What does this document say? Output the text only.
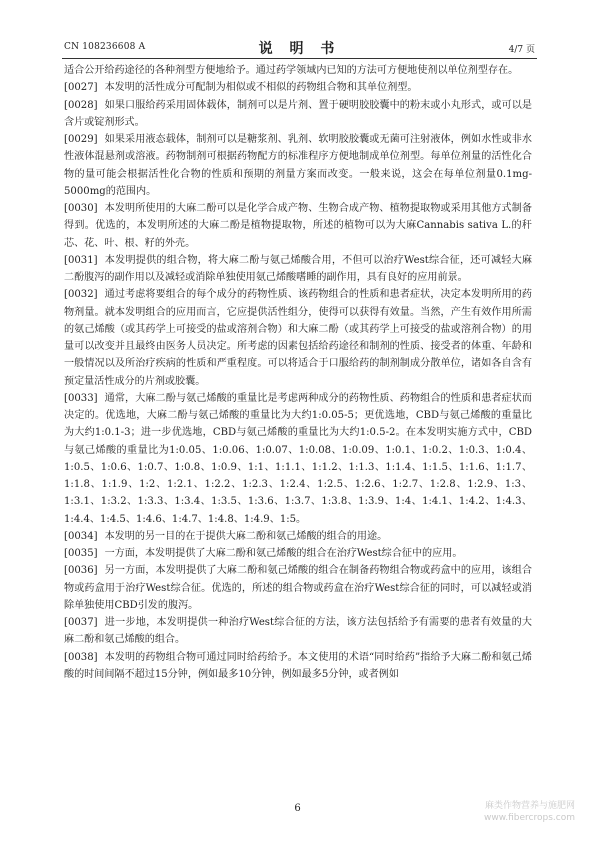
CN 108236608 A	说 明 书	4/7 页

适合公开给药途径的各种剂型方便地给予。通过药学领域内已知的方法可方便地使剂以单位剂型存在。

[0027] 本发明的活性成分可配制为相似或不相似的药物组合物和其单位剂型。

[0028] 如果口服给药采用固体载体，制剂可以是片剂、置于硬明胶胶囊中的粉末或小丸形式，或可以是含片或锭剂形式。

[0029] 如果采用液态载体，制剂可以是糖浆剂、乳剂、软明胶胶囊或无菌可注射液体，例如水性或非水性液体混悬剂或溶液。药物制剂可根据药物配方的标准程序方便地制成单位剂型。每单位剂量的活性化合物的量可能会根据活性化合物的性质和预期的剂量方案而改变。一般来说，这会在每单位剂量0.1mg-5000mg的范围内。

[0030] 本发明所使用的大麻二酚可以是化学合成产物、生物合成产物、植物提取物或采用其他方式制备得到。优选的，本发明所述的大麻二酚是植物提取物，所述的植物可以为大麻Cannabis sativa L.的秆芯、花、叶、根、籽的外壳。

[0031] 本发明提供的组合物，将大麻二酚与氨己烯酸合用，不但可以治疗West综合征，还可减轻大麻二酚腹泻的副作用以及减轻或消除单独使用氨己烯酸嗜睡的副作用，具有良好的应用前景。

[0032] 通过考虑将要组合的每个成分的药物性质、该药物组合的性质和患者症状，决定本发明所用的药物剂量。就本发明组合的应用而言，它应提供活性组分，使得可以获得有效量。当然，产生有效作用所需的氨己烯酸（或其药学上可接受的盐或溶剂合物）和大麻二酚（或其药学上可接受的盐或溶剂合物）的用量可以改变并且最终由医务人员决定。所考虑的因素包括给药途径和制剂的性质、接受者的体重、年龄和一般情况以及所治疗疾病的性质和严重程度。可以将适合于口服给药的制剂制成分散单位，诸如各自含有预定量活性成分的片剂或胶囊。

[0033] 通常，大麻二酚与氨己烯酸的重量比是考虑两种成分的药物性质、药物组合的性质和患者症状而决定的。优选地，大麻二酚与氨己烯酸的重量比为大约1:0.05-5；更优选地，CBD与氨己烯酸的重量比为大约1:0.1-3；进一步优选地，CBD与氨己烯酸的重量比为大约1:0.5-2。在本发明实施方式中，CBD与氨己烯酸的重量比为1:0.05、1:0.06、1:0.07、1:0.08、1:0.09、1:0.1、1:0.2、1:0.3、1:0.4、1:0.5、1:0.6、1:0.7、1:0.8、1:0.9、1:1、1:1.1、1:1.2、1:1.3、1:1.4、1:1.5、1:1.6、1:1.7、1:1.8、1:1.9、1:2、1:2.1、1:2.2、1:2.3、1:2.4、1:2.5、1:2.6、1:2.7、1:2.8、1:2.9、1:3、1:3.1、1:3.2、1:3.3、1:3.4、1:3.5、1:3.6、1:3.7、1:3.8、1:3.9、1:4、1:4.1、1:4.2、1:4.3、1:4.4、1:4.5、1:4.6、1:4.7、1:4.8、1:4.9、1:5。

[0034] 本发明的另一目的在于提供大麻二酚和氨己烯酸的组合的用途。

[0035] 一方面，本发明提供了大麻二酚和氨己烯酸的组合在治疗West综合征中的应用。

[0036] 另一方面，本发明提供了大麻二酚和氨己烯酸的组合在制备药物组合物或药盒中的应用，该组合物或药盒用于治疗West综合征。优选的，所述的组合物或药盒在治疗West综合征的同时，可以减轻或消除单独使用CBD引发的腹泻。

[0037] 进一步地，本发明提供一种治疗West综合征的方法，该方法包括给予有需要的患者有效量的大麻二酚和氨己烯酸的组合。

[0038] 本发明的药物组合物可通过同时给药给予。本文使用的术语“同时给药”指给予大麻二酚和氨己烯酸的时间间隔不超过15分钟，例如最多10分钟，例如最多5分钟，或者例如

6	麻类作物营养与施肥网
www.fibercrops.com
